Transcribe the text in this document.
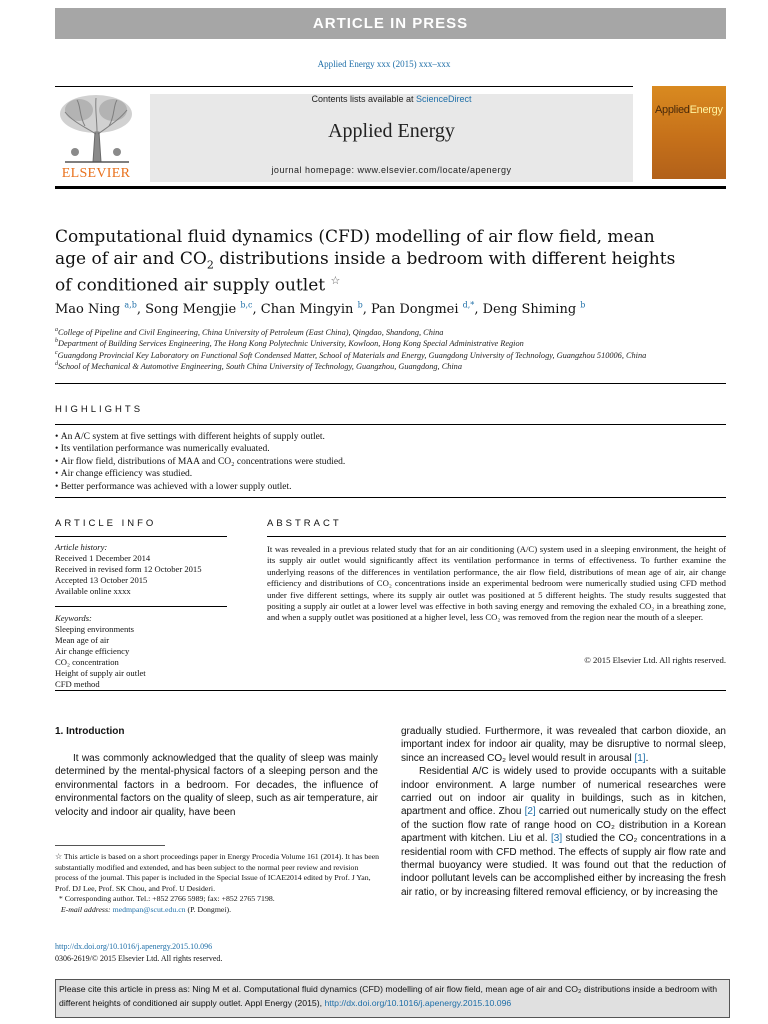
ARTICLE IN PRESS
Applied Energy xxx (2015) xxx–xxx
ELSEVIER
Contents lists available at ScienceDirect
Applied Energy
journal homepage: www.elsevier.com/locate/apenergy
AppliedEnergy
Computational fluid dynamics (CFD) modelling of air flow field, mean
age of air and $CO_2$ distributions inside a bedroom with different heights
of conditioned air supply outlet ☆
Mao Ning $^{a,b}$, Song Mengjie $^{b,c}$, Chan Mingyin $^b$, Pan Dongmei $^{d,*}$, Deng Shiming $^b$
$^a$College of Pipeline and Civil Engineering, China University of Petroleum (East China), Qingdao, Shandong, China
$^b$Department of Building Services Engineering, The Hong Kong Polytechnic University, Kowloon, Hong Kong Special Administrative Region
$^c$Guangdong Provincial Key Laboratory on Functional Soft Condensed Matter, School of Materials and Energy, Guangdong University of Technology, Guangzhou 510006, China
$^d$School of Mechanical & Automotive Engineering, South China University of Technology, Guangzhou, Guangdong, China
HIGHLIGHTS
• An A/C system at five settings with different heights of supply outlet.
• Its ventilation performance was numerically evaluated.
• Air flow field, distributions of MAA and CO₂ concentrations were studied.
• Air change efficiency was studied.
• Better performance was achieved with a lower supply outlet.
ARTICLE INFO
Article history:
Received 1 December 2014
Received in revised form 12 October 2015
Accepted 13 October 2015
Available online xxxx
Keywords:
Sleeping environments
Mean age of air
Air change efficiency
CO₂ concentration
Height of supply air outlet
CFD method
ABSTRACT
It was revealed in a previous related study that for an air conditioning (A/C) system used in a sleeping environment, the height of its supply air outlet would significantly affect its ventilation performance in terms of effectiveness. To further examine the underlying reasons of the differences in ventilation performance, the air flow field, distributions of mean age of air, air change efficiency and distributions of CO₂ concentrations inside an experimental bedroom were numerically studied using CFD method under five different settings, where its supply air outlet was positioned at 5 different heights. The study results suggested that positing a supply air outlet at a lower level was effective in both saving energy and removing the exhaled CO₂ in a breathing zone, and when a supply outlet was positioned at a higher level, less CO₂ was removed from the region near the mouth of a sleeper.
© 2015 Elsevier Ltd. All rights reserved.
1. Introduction
It was commonly acknowledged that the quality of sleep was mainly determined by the mental-physical factors of a sleeping person and the environmental factors in a bedroom. For decades, the influence of environmental factors on the quality of sleep, such as air temperature, air velocity and indoor air quality, have been
gradually studied. Furthermore, it was revealed that carbon dioxide, an important index for indoor air quality, may be disruptive to normal sleep, since an increased CO₂ level would result in arousal [1].
Residential A/C is widely used to provide occupants with a suitable indoor environment. A large number of numerical researches were carried out on indoor air quality in buildings, such as in kitchen, apartment and office. Zhou [2] carried out numerically study on the effect of the suction flow rate of range hood on CO₂ distribution in a Korean apartment with kitchen. Liu et al. [3] studied the CO₂ concentrations in a residential room with CFD method. The effects of supply air flow rate and thermal buoyancy were studied. It was found out that the reduction of indoor pollutant levels can be accomplished either by increasing the fresh air ratio, or by increasing filtered removal efficiency, or by increasing the
☆ This article is based on a short proceedings paper in Energy Procedia Volume 161 (2014). It has been substantially modified and extended, and has been subject to the normal peer review and revision process of the journal. This paper is included in the Special Issue of ICAE2014 edited by Prof. J Yan, Prof. DJ Lee, Prof. SK Chou, and Prof. U Desideri.
* Corresponding author. Tel.: +852 2766 5989; fax: +852 2765 7198.
E-mail address: medmpan@scut.edu.cn (P. Dongmei).
http://dx.doi.org/10.1016/j.apenergy.2015.10.096
0306-2619/© 2015 Elsevier Ltd. All rights reserved.
Please cite this article in press as: Ning M et al. Computational fluid dynamics (CFD) modelling of air flow field, mean age of air and CO₂ distributions inside a bedroom with different heights of conditioned air supply outlet. Appl Energy (2015), http://dx.doi.org/10.1016/j.apenergy.2015.10.096
